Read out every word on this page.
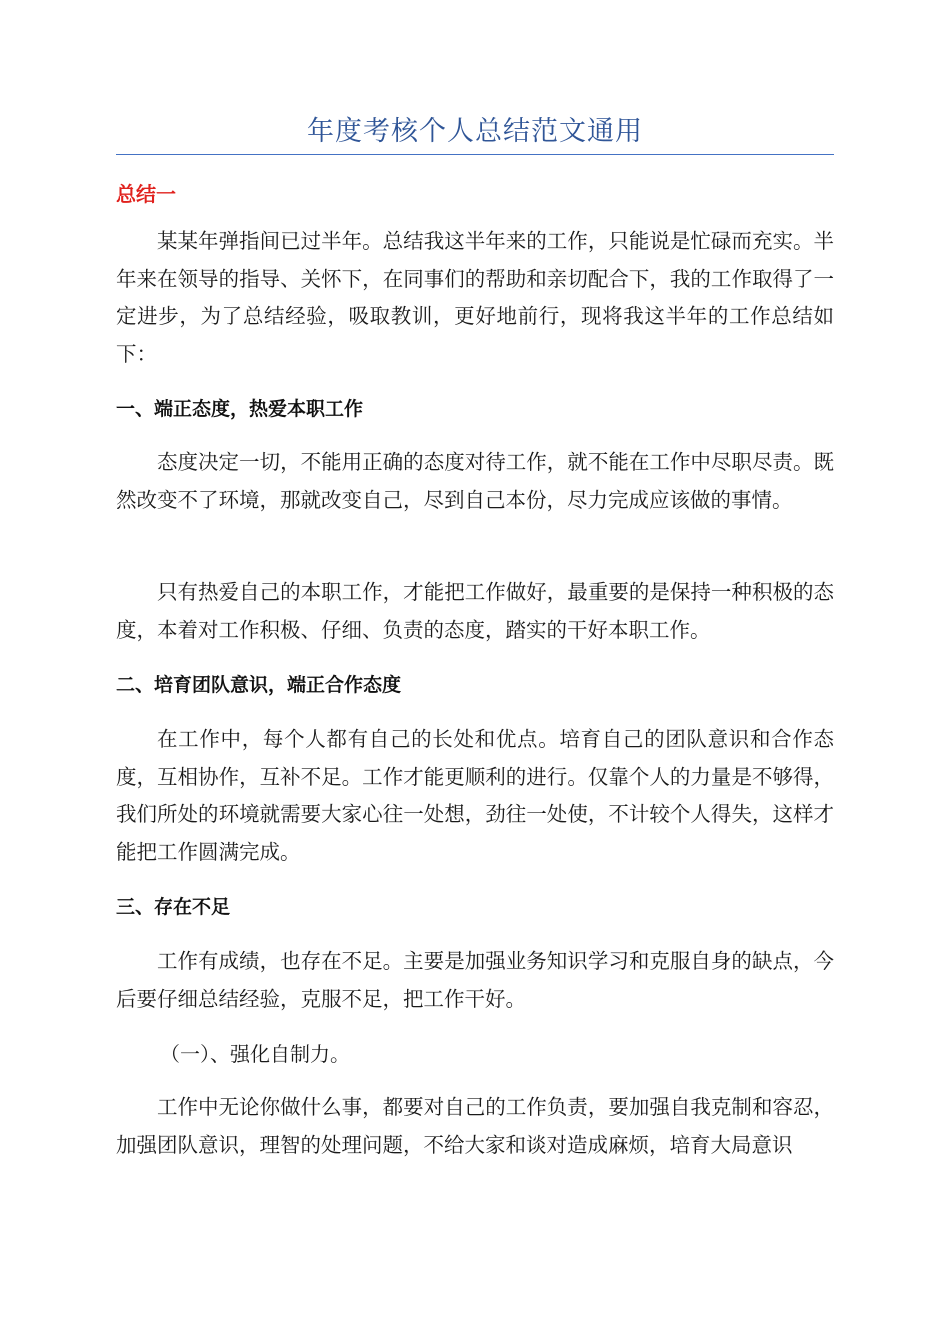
年度考核个人总结范文通用
总结一

某某年弹指间已过半年。总结我这半年来的工作，只能说是忙碌而充实。半年来在领导的指导、关怀下，在同事们的帮助和亲切配合下，我的工作取得了一定进步，为了总结经验，吸取教训，更好地前行，现将我这半年的工作总结如下：

一、端正态度，热爱本职工作

态度决定一切，不能用正确的态度对待工作，就不能在工作中尽职尽责。既然改变不了环境，那就改变自己，尽到自己本份，尽力完成应该做的事情。

只有热爱自己的本职工作，才能把工作做好，最重要的是保持一种积极的态度，本着对工作积极、仔细、负责的态度，踏实的干好本职工作。

二、培育团队意识，端正合作态度

在工作中，每个人都有自己的长处和优点。培育自己的团队意识和合作态度，互相协作，互补不足。工作才能更顺利的进行。仅靠个人的力量是不够得，我们所处的环境就需要大家心往一处想，劲往一处使，不计较个人得失，这样才能把工作圆满完成。

三、存在不足

工作有成绩，也存在不足。主要是加强业务知识学习和克服自身的缺点，今后要仔细总结经验，克服不足，把工作干好。

（一）、强化自制力。

工作中无论你做什么事，都要对自己的工作负责，要加强自我克制和容忍，加强团队意识，理智的处理问题，不给大家和谈对造成麻烦，培育大局意识
